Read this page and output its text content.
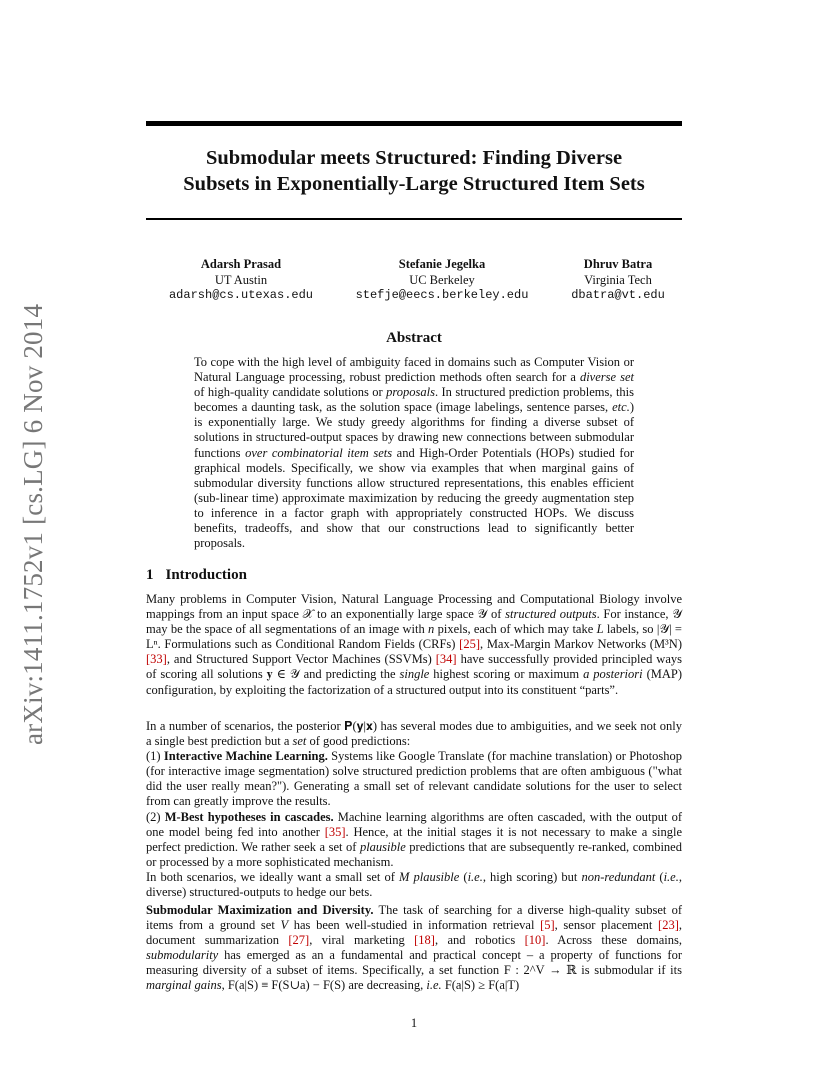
arXiv:1411.1752v1 [cs.LG] 6 Nov 2014
Submodular meets Structured: Finding Diverse
Subsets in Exponentially-Large Structured Item Sets
Adarsh Prasad
UT Austin
adarsh@cs.utexas.edu
Stefanie Jegelka
UC Berkeley
stefje@eecs.berkeley.edu
Dhruv Batra
Virginia Tech
dbatra@vt.edu
Abstract
To cope with the high level of ambiguity faced in domains such as Computer Vision or Natural Language processing, robust prediction methods often search for a diverse set of high-quality candidate solutions or proposals. In structured prediction problems, this becomes a daunting task, as the solution space (image labelings, sentence parses, etc.) is exponentially large. We study greedy algorithms for finding a diverse subset of solutions in structured-output spaces by drawing new connections between submodular functions over combinatorial item sets and High-Order Potentials (HOPs) studied for graphical models. Specifically, we show via examples that when marginal gains of submodular diversity functions allow structured representations, this enables efficient (sub-linear time) approximate maximization by reducing the greedy augmentation step to inference in a factor graph with appropriately constructed HOPs. We discuss benefits, tradeoffs, and show that our constructions lead to significantly better proposals.
1 Introduction
Many problems in Computer Vision, Natural Language Processing and Computational Biology involve mappings from an input space 𝒳 to an exponentially large space 𝒴 of structured outputs. For instance, 𝒴 may be the space of all segmentations of an image with n pixels, each of which may take L labels, so |𝒴| = Lⁿ. Formulations such as Conditional Random Fields (CRFs) [25], Max-Margin Markov Networks (M³N) [33], and Structured Support Vector Machines (SSVMs) [34] have successfully provided principled ways of scoring all solutions 𝐲 ∈ 𝒴 and predicting the single highest scoring or maximum a posteriori (MAP) configuration, by exploiting the factorization of a structured output into its constituent “parts”.
In a number of scenarios, the posterior 𝐏(𝐲|𝐱) has several modes due to ambiguities, and we seek not only a single best prediction but a set of good predictions:
(1) Interactive Machine Learning. Systems like Google Translate (for machine translation) or Photoshop (for interactive image segmentation) solve structured prediction problems that are often ambiguous ("what did the user really mean?"). Generating a small set of relevant candidate solutions for the user to select from can greatly improve the results.
(2) M-Best hypotheses in cascades. Machine learning algorithms are often cascaded, with the output of one model being fed into another [35]. Hence, at the initial stages it is not necessary to make a single perfect prediction. We rather seek a set of plausible predictions that are subsequently re-ranked, combined or processed by a more sophisticated mechanism.
In both scenarios, we ideally want a small set of M plausible (i.e., high scoring) but non-redundant (i.e., diverse) structured-outputs to hedge our bets.
Submodular Maximization and Diversity. The task of searching for a diverse high-quality subset of items from a ground set V has been well-studied in information retrieval [5], sensor placement [23], document summarization [27], viral marketing [18], and robotics [10]. Across these domains, submodularity has emerged as an a fundamental and practical concept – a property of functions for measuring diversity of a subset of items. Specifically, a set function F : 2^V → ℝ is submodular if its marginal gains, F(a|S) ≡ F(S∪a) − F(S) are decreasing, i.e. F(a|S) ≥ F(a|T)
1
